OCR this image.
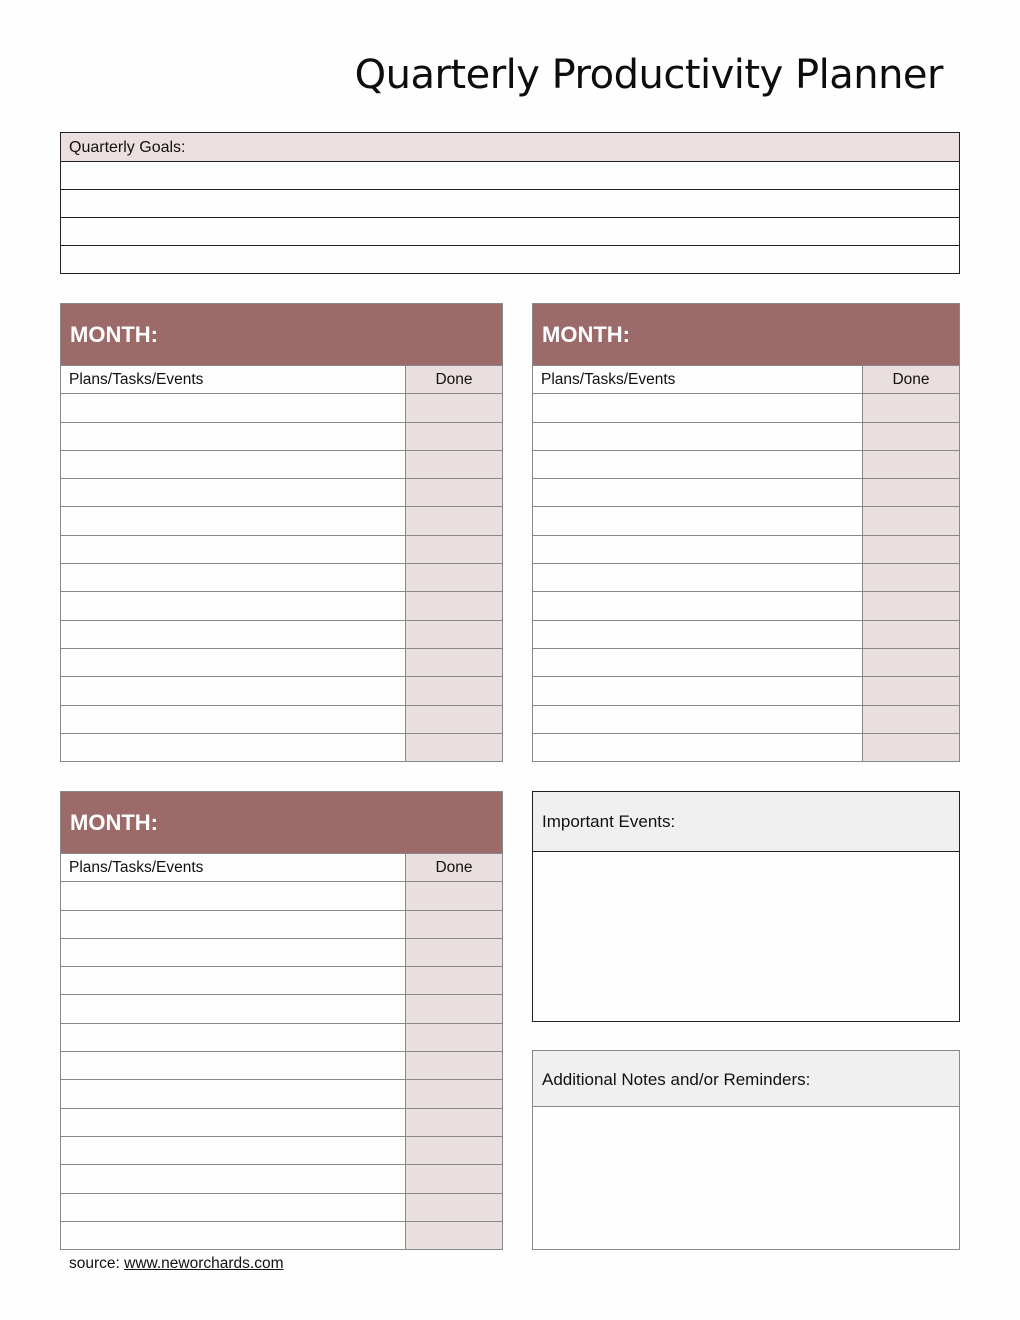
Quarterly Productivity Planner
Quarterly Goals:
MONTH:
Plans/Tasks/Events	Done
MONTH:
Plans/Tasks/Events	Done
MONTH:
Plans/Tasks/Events	Done
Important Events:
Additional Notes and/or Reminders:
source: www.neworchards.com
